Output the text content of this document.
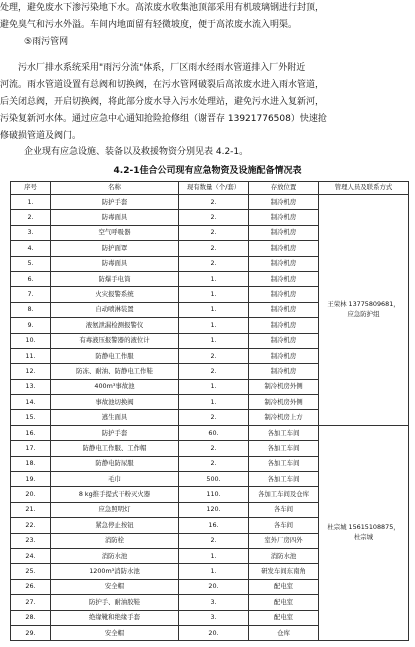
处理，避免废水下渗污染地下水。高浓废水收集池顶部采用有机玻璃钢进行封顶，
避免臭气和污水外溢。车间内地面留有轻微坡度，便于高浓废水流入明渠。
⑤雨污管网
污水厂排水系统采用"雨污分流"体系，厂区雨水经雨水管道排入厂外附近
河流。雨水管道设置有总阀和切换阀，在污水管网破裂后高浓废水进入雨水管道，
后关闭总阀，开启切换阀，将此部分废水导入污水处理站，避免污水进入复新河，
污染复新河水体。通过应急中心通知抢险抢修组（谢晋存 13921776508）快速抢
修破损管道及阀门。
企业现有应急设施、装备以及救援物资分别见表 4.2-1。
4.2-1佳合公司现有应急物资及设施配备情况表
序号	名称	现有数量（个/套）	存放位置	管理人员及联系方式
1.	防护手套	2.	制冷机房	王荣林 13775809681，
应急防护组
2.	防毒面具	2.	制冷机房	
3.	空气呼吸器	2.	制冷机房	
4.	防护面罩	2.	制冷机房	
5.	防毒面具	2.	制冷机房	
6.	防爆手电筒	1.	制冷机房	
7.	火灾报警系统	1.	制冷机房	
8.	自动喷淋装置	1.	制冷机房	
9.	液氨泄漏检测报警仪	1.	制冷机房	
10.	有毒液压报警器的液位计	1.	制冷机房	
11.	防静电工作服	2.	制冷机房	
12.	防冻、耐油、防静电工作鞋	2.	制冷机房	
13.	400m³事故池	1.	制冷机房外侧	
14.	事故池切换阀	1.	制冷机房外侧	
15.	逃生面具	2.	制冷机房上方	
16.	防护手套	60.	各加工车间	杜宗城 15615108875，
杜宗城
17.	防静电工作服、工作帽	2.	各加工车间	
18.	防静电防尿服	2.	各加工车间	
19.	毛巾	500.	各加工车间	
20.	8 kg推手提式干粉灭火器	110.	各加工车间及仓库	
21.	应急照明灯	120.	各车间	
22.	紧急停止按钮	16.	各车间	
23.	消防栓	2.	室外厂房四外	
24.	消防水池	1.	消防水池	
25.	1200m³消防水池	1.	研发车间东南角	
26.	安全帽	20.	配电室	
27.	防护手、耐油胶鞋	3.	配电室	
28.	绝缘靴和绝缘手套	3.	配电室	
29.	安全帽	20.	仓库	
